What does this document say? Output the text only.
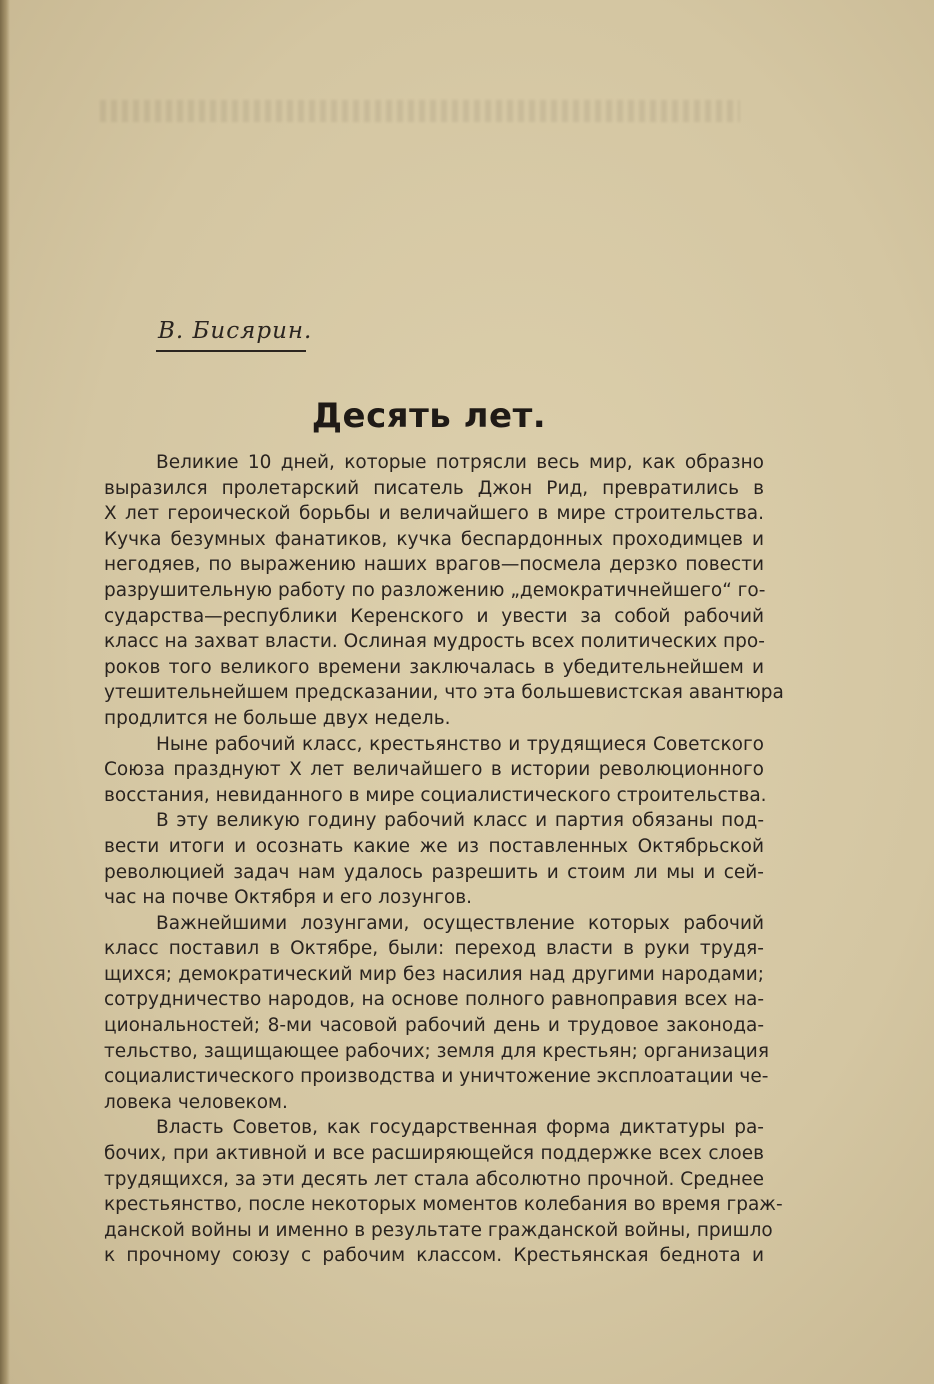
В. Бисярин.
Десять лет.
Великие 10 дней, которые потрясли весь мир, как образно
выразился пролетарский писатель Джон Рид, превратились в
X лет героической борьбы и величайшего в мире строительства.
Кучка безумных фанатиков, кучка беспардонных проходимцев и
негодяев, по выражению наших врагов—посмела дерзко повести
разрушительную работу по разложению „демократичнейшего“ го-
сударства—республики Керенского и увести за собой рабочий
класс на захват власти. Ослиная мудрость всех политических про-
роков того великого времени заключалась в убедительнейшем и
утешительнейшем предсказании, что эта большевистская авантюра
продлится не больше двух недель.
Ныне рабочий класс, крестьянство и трудящиеся Советского
Союза празднуют X лет величайшего в истории революционного
восстания, невиданного в мире социалистического строительства.
В эту великую годину рабочий класс и партия обязаны под-
вести итоги и осознать какие же из поставленных Октябрьской
революцией задач нам удалось разрешить и стоим ли мы и сей-
час на почве Октября и его лозунгов.
Важнейшими лозунгами, осуществление которых рабочий
класс поставил в Октябре, были: переход власти в руки трудя-
щихся; демократический мир без насилия над другими народами;
сотрудничество народов, на основе полного равноправия всех на-
циональностей; 8-ми часовой рабочий день и трудовое законода-
тельство, защищающее рабочих; земля для крестьян; организация
социалистического производства и уничтожение эксплоатации че-
ловека человеком.
Власть Советов, как государственная форма диктатуры ра-
бочих, при активной и все расширяющейся поддержке всех слоев
трудящихся, за эти десять лет стала абсолютно прочной. Среднее
крестьянство, после некоторых моментов колебания во время граж-
данской войны и именно в результате гражданской войны, пришло
к прочному союзу с рабочим классом. Крестьянская беднота и
